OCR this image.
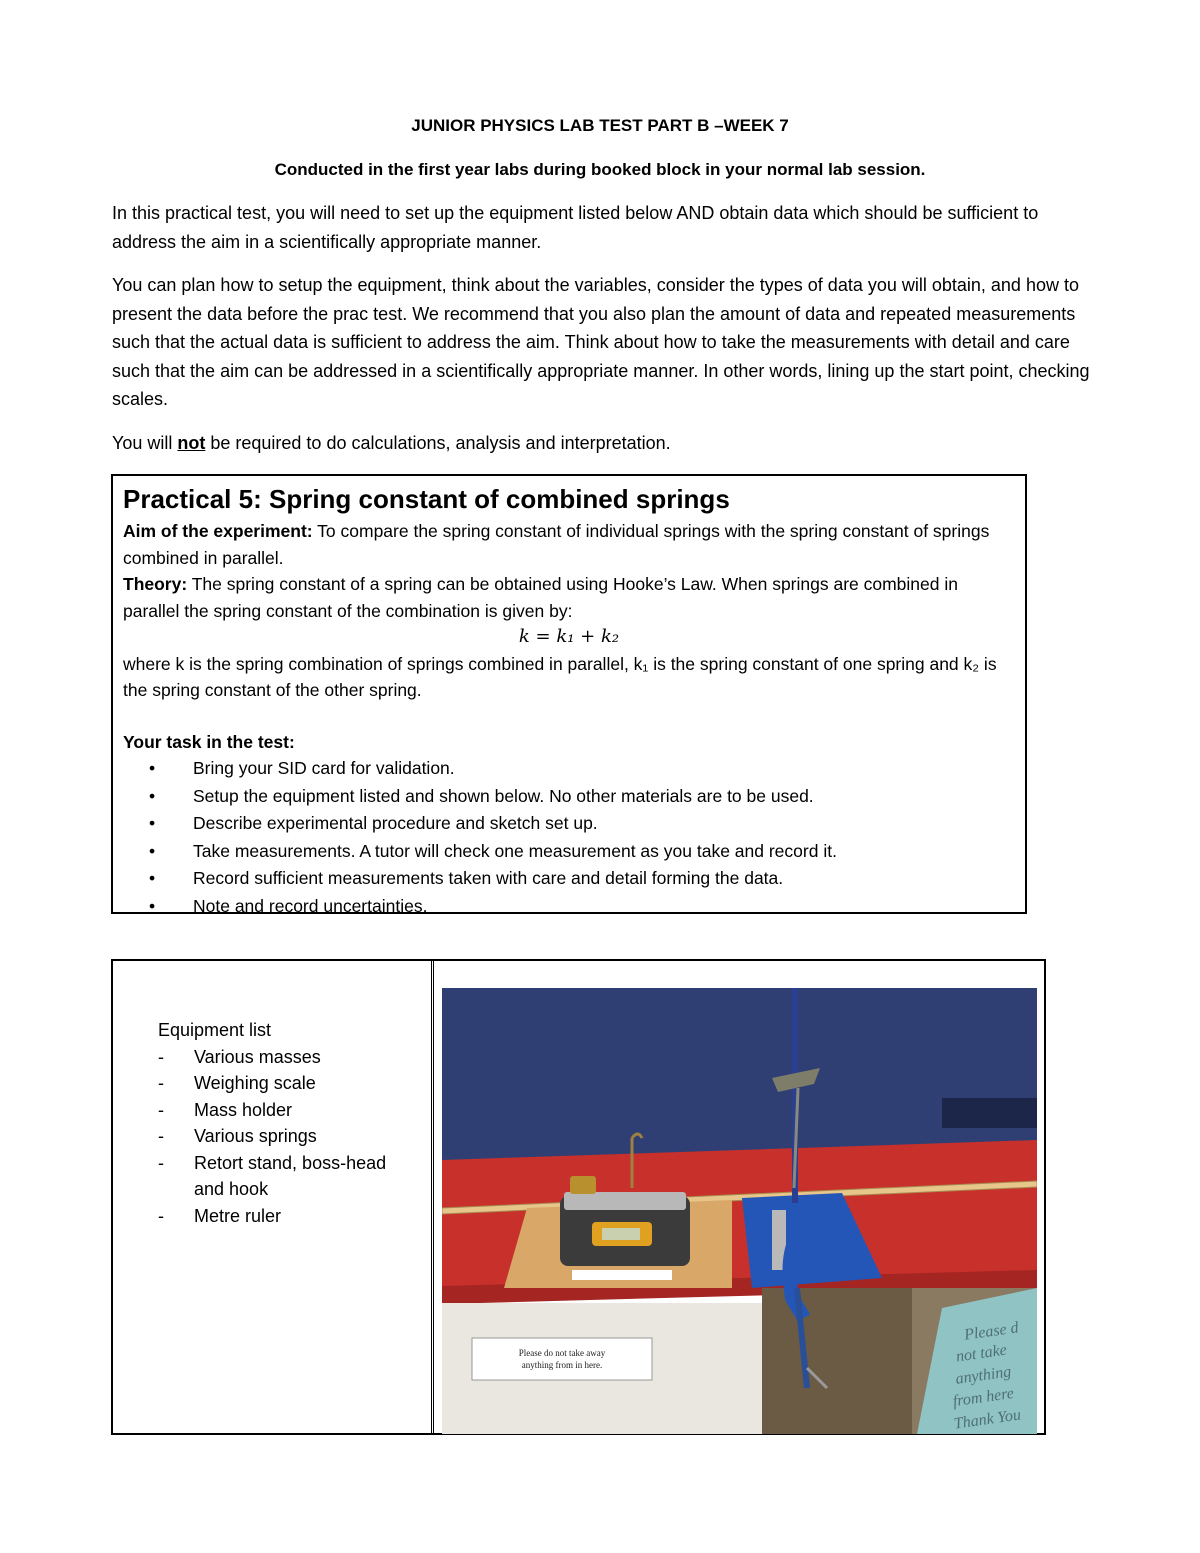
JUNIOR PHYSICS LAB TEST PART B –WEEK 7
Conducted in the first year labs during booked block in your normal lab session.
In this practical test, you will need to set up the equipment listed below AND obtain data which should be sufficient to address the aim in a scientifically appropriate manner.
You can plan how to setup the equipment, think about the variables, consider the types of data you will obtain, and how to present the data before the prac test. We recommend that you also plan the amount of data and repeated measurements such that the actual data is sufficient to address the aim. Think about how to take the measurements with detail and care such that the aim can be addressed in a scientifically appropriate manner. In other words, lining up the start point, checking scales.
You will not be required to do calculations, analysis and interpretation.
Practical 5: Spring constant of combined springs
Aim of the experiment: To compare the spring constant of individual springs with the spring constant of springs combined in parallel.
Theory: The spring constant of a spring can be obtained using Hooke’s Law. When springs are combined in parallel the spring constant of the combination is given by:
k = k₁ + k₂
where k is the spring combination of springs combined in parallel, k₁ is the spring constant of one spring and k₂ is the spring constant of the other spring.
Your task in the test:
• Bring your SID card for validation.
• Setup the equipment listed and shown below. No other materials are to be used.
• Describe experimental procedure and sketch set up.
• Take measurements. A tutor will check one measurement as you take and record it.
• Record sufficient measurements taken with care and detail forming the data.
• Note and record uncertainties.
Equipment list
- Various masses
- Weighing scale
- Mass holder
- Various springs
- Retort stand, boss-head and hook
- Metre ruler
Please do not take away
anything from in here.
Please d
not take
anything
from here
Thank You
